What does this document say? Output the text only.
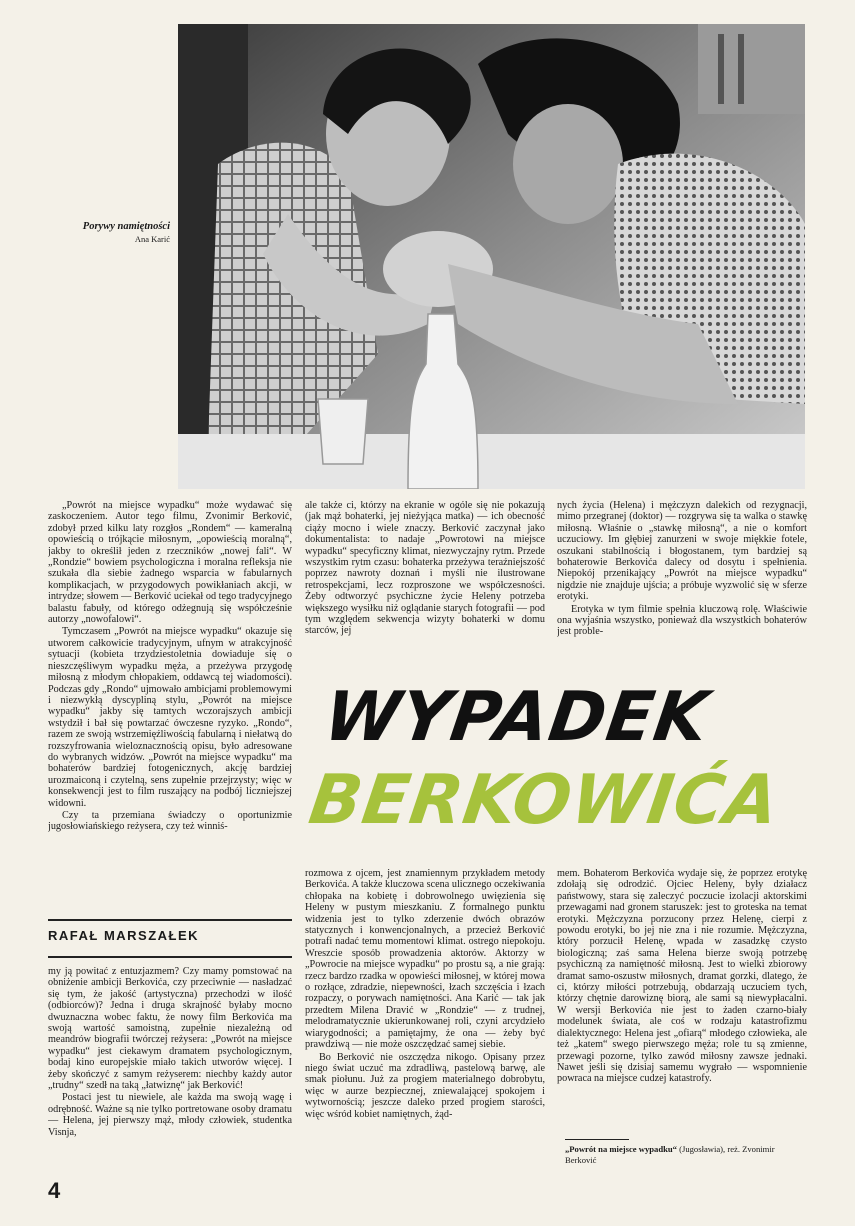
Porywy namiętności
Ana Karić

„Powrót na miejsce wypadku“ może wydawać się zaskoczeniem. Autor tego filmu, Zvonimir Berković, zdobył przed kilku laty rozgłos „Rondem“ — kameralną opowieścią o trójkącie miłosnym, „opowieścią moralną“, jakby to określił jeden z rzeczników „nowej fali“. W „Rondzie“ bowiem psychologiczna i moralna refleksja nie szukała dla siebie żadnego wsparcia w fabularnych komplikacjach, w przygodowych powikłaniach akcji, w intrydze; słowem — Berković uciekał od tego tradycyjnego balastu fabuły, od którego odżegnują się współcześnie autorzy „nowofalowi“.

Tymczasem „Powrót na miejsce wypadku“ okazuje się utworem całkowicie tradycyjnym, ufnym w atrakcyjność sytuacji (kobieta trzydziestoletnia dowiaduje się o nieszczęśliwym wypadku męża, a przeżywa przygodę miłosną z młodym chłopakiem, oddawcą tej wiadomości). Podczas gdy „Rondo“ ujmowało ambicjami problemowymi i niezwykłą dyscypliną stylu, „Powrót na miejsce wypadku“ jakby się tamtych wczorajszych ambicji wstydził i bał się powtarzać ówczesne ryzyko. „Rondo“, razem ze swoją wstrzemięźliwością fabularną i niełatwą do rozszyfrowania wieloznacznością opisu, było adresowane do wybranych widzów. „Powrót na miejsce wypadku“ ma bohaterów bardziej fotogenicznych, akcję bardziej urozmaiconą i czytelną, sens zupełnie przejrzysty; więc w konsekwencji jest to film ruszający na podbój liczniejszej widowni.

Czy ta przemiana świadczy o oportunizmie jugosłowiańskiego reżysera, czy też winniś-

ale także ci, którzy na ekranie w ogóle się nie pokazują (jak mąż bohaterki, jej nieżyjąca matka) — ich obecność ciąży mocno i wiele znaczy. Berković zaczynał jako dokumentalista: to nadaje „Powrotowi na miejsce wypadku“ specyficzny klimat, niezwyczajny rytm. Przede wszystkim rytm czasu: bohaterka przeżywa teraźniejszość poprzez nawroty doznań i myśli nie ilustrowane retrospekcjami, lecz rozproszone we współczesności. Żeby odtworzyć psychiczne życie Heleny potrzeba większego wysiłku niż oglądanie starych fotografii — pod tym względem sekwencja wizyty bohaterki w domu starców, jej

nych życia (Helena) i mężczyzn dalekich od rezygnacji, mimo przegranej (doktor) — rozgrywa się ta walka o stawkę miłosną. Właśnie o „stawkę miłosną“, a nie o komfort uczuciowy. Im głębiej zanurzeni w swoje miękkie fotele, oszukani stabilnością i błogostanem, tym bardziej są bohaterowie Berkovića dalecy od dosytu i spełnienia. Niepokój przenikający „Powrót na miejsce wypadku“ nigdzie nie znajduje ujścia; a próbuje wyzwolić się w sferze erotyki.

Erotyka w tym filmie spełnia kluczową rolę. Właściwie ona wyjaśnia wszystko, ponieważ dla wszystkich bohaterów jest proble-

WYPADEK
BERKOWIĆA
RAFAŁ MARSZAŁEK

my ją powitać z entuzjazmem? Czy mamy pomstować na obniżenie ambicji Berkovića, czy przeciwnie — nasładzać się tym, że jakość (artystyczna) przechodzi w ilość (odbiorców)? Jedna i druga skrajność byłaby mocno dwuznaczna wobec faktu, że nowy film Berkovića ma swoją wartość samoistną, zupełnie niezależną od meandrów biografii twórczej reżysera: „Powrót na miejsce wypadku“ jest ciekawym dramatem psychologicznym, bodaj kino europejskie miało takich utworów więcej. I żeby skończyć z samym reżyserem: niechby każdy autor „trudny“ szedł na taką „łatwiznę“ jak Berković!

Postaci jest tu niewiele, ale każda ma swoją wagę i odrębność. Ważne są nie tylko portretowane osoby dramatu — Helena, jej pierwszy mąż, młody człowiek, studentka Visnja,

rozmowa z ojcem, jest znamiennym przykładem metody Berkovića. A także kluczowa scena ulicznego oczekiwania chłopaka na kobietę i dobrowolnego uwięzienia się Heleny w pustym mieszkaniu. Z formalnego punktu widzenia jest to tylko zderzenie dwóch obrazów statycznych i konwencjonalnych, a przecież Berković potrafi nadać temu momentowi klimat. ostrego niepokoju. Wreszcie sposób prowadzenia aktorów. Aktorzy w „Powrocie na miejsce wypadku“ po prostu są, a nie grają: rzecz bardzo rzadka w opowieści miłosnej, w której mowa o rozłące, zdradzie, niepewności, łzach szczęścia i łzach rozpaczy, o porywach namiętności. Ana Karić — tak jak przedtem Milena Dravić w „Rondzie“ — z trudnej, melodramatycznie ukierunkowanej roli, czyni arcydzieło wiarygodności; a pamiętajmy, że ona — żeby być prawdziwą — nie może oszczędzać samej siebie.

Bo Berković nie oszczędza nikogo. Opisany przez niego świat uczuć ma zdradliwą, pastelową barwę, ale smak piołunu. Już za progiem materialnego dobrobytu, więc w aurze bezpiecznej, zniewalającej spokojem i wytwornością; jeszcze daleko przed progiem starości, więc wśród kobiet namiętnych, żąd-

mem. Bohaterom Berkovića wydaje się, że poprzez erotykę zdołają się odrodzić. Ojciec Heleny, były działacz państwowy, stara się zaleczyć poczucie izolacji aktorskimi przewagami nad gronem staruszek: jest to groteska na temat erotyki. Mężczyzna porzucony przez Helenę, cierpi z powodu erotyki, bo jej nie zna i nie rozumie. Mężczyzna, który porzucił Helenę, wpada w zasadzkę czysto biologiczną; zaś sama Helena bierze swoją potrzebę psychiczną za namiętność miłosną. Jest to wielki zbiorowy dramat samo-oszustw miłosnych, dramat gorzki, dlatego, że ci, którzy miłości potrzebują, obdarzają uczuciem tych, którzy chętnie darowiznę biorą, ale sami są niewypłacalni. W wersji Berkovića nie jest to żaden czarno-biały modelunek świata, ale coś w rodzaju katastrofizmu dialektycznego: Helena jest „ofiarą“ młodego człowieka, ale też „katem“ swego pierwszego męża; role tu są zmienne, przewagi pozorne, tylko zawód miłosny zawsze jednaki. Nawet jeśli się dzisiaj samemu wygrało — wspomnienie powraca na miejsce cudzej katastrofy.

„Powrót na miejsce wypadku“ (Jugosławia), reż. Zvonimir Berković
4
